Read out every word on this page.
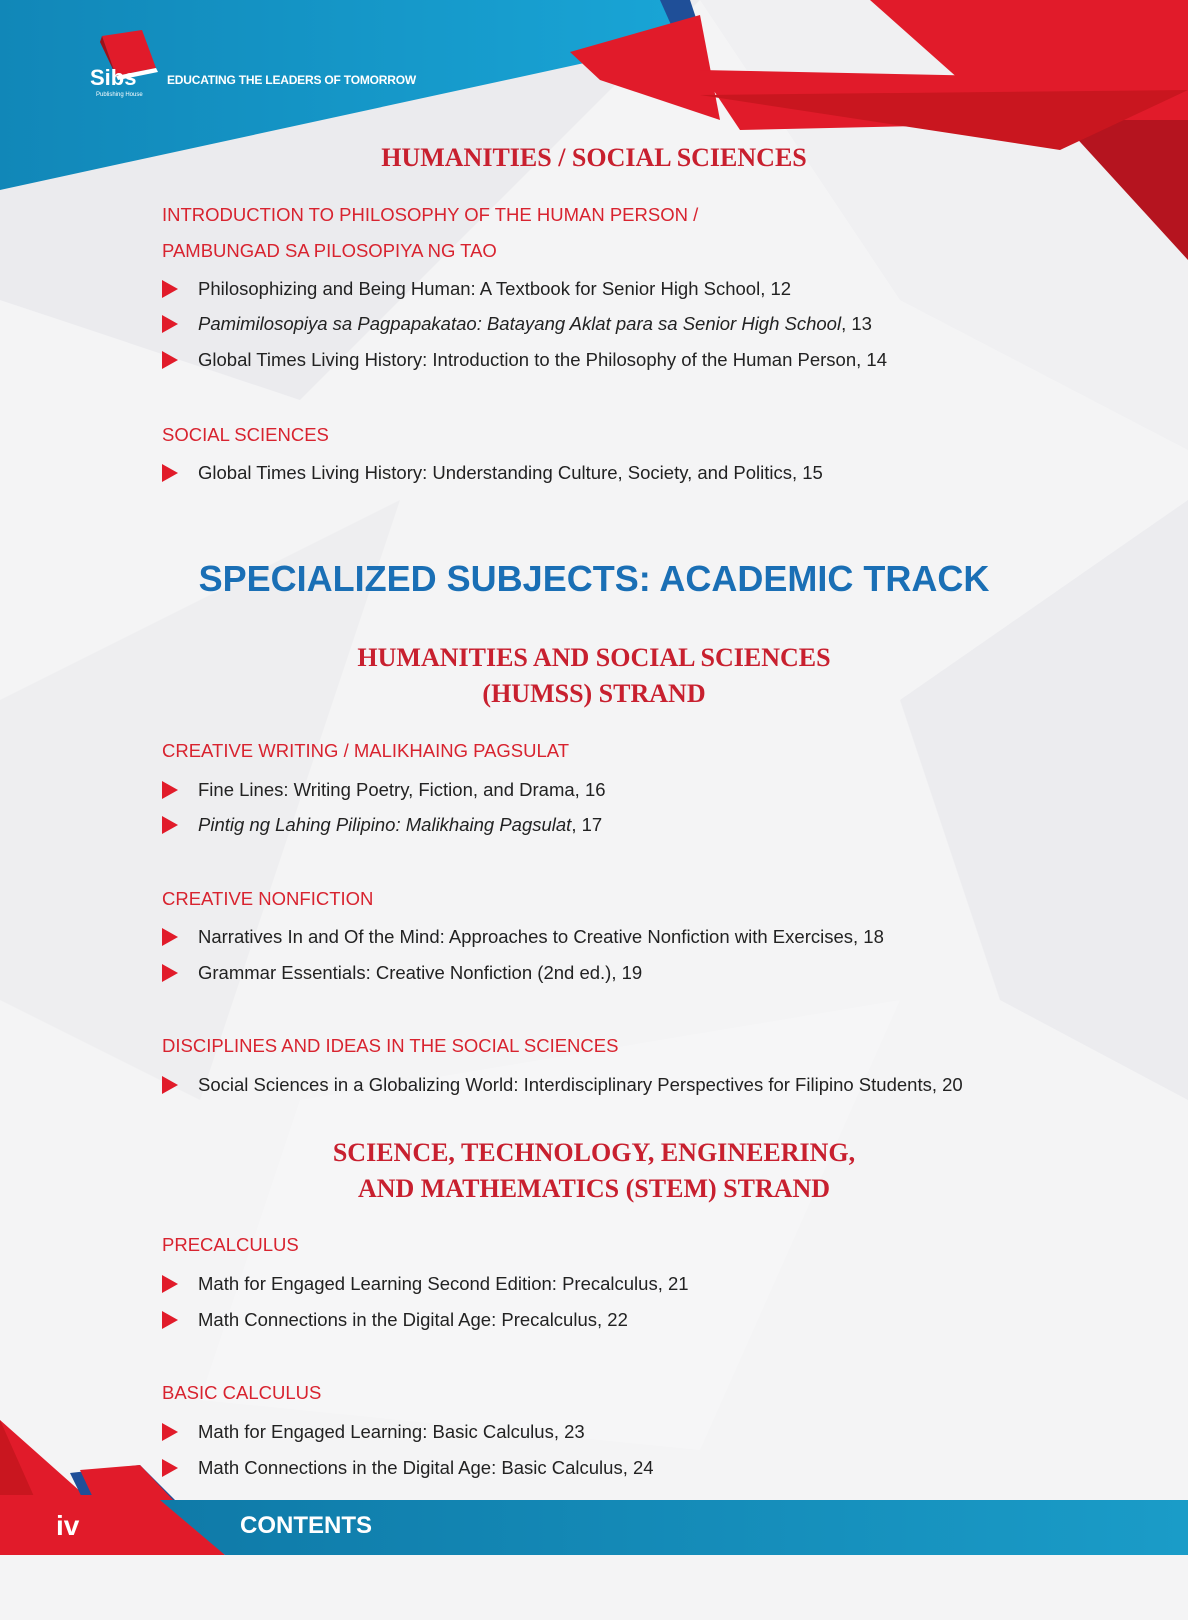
Sibs
Publishing House
EDUCATING THE LEADERS OF TOMORROW
HUMANITIES / SOCIAL SCIENCES
INTRODUCTION TO PHILOSOPHY OF THE HUMAN PERSON /
PAMBUNGAD SA PILOSOPIYA NG TAO
Philosophizing and Being Human: A Textbook for Senior High School , 12
Pamimilosopiya sa Pagpapakatao: Batayang Aklat para sa Senior High School , 13
Global Times Living History: Introduction to the Philosophy of the Human Person , 14
SOCIAL SCIENCES
Global Times Living History: Understanding Culture, Society, and Politics , 15
SPECIALIZED SUBJECTS: ACADEMIC TRACK
HUMANITIES AND SOCIAL SCIENCES
(HUMSS) STRAND
CREATIVE WRITING / MALIKHAING PAGSULAT
Fine Lines: Writing Poetry, Fiction, and Drama , 16
Pintig ng Lahing Pilipino: Malikhaing Pagsulat , 17
CREATIVE NONFICTION
Narratives In and Of the Mind: Approaches to Creative Nonfiction with Exercises , 18
Grammar Essentials: Creative Nonfiction (2nd ed.) , 19
DISCIPLINES AND IDEAS IN THE SOCIAL SCIENCES
Social Sciences in a Globalizing World: Interdisciplinary Perspectives for Filipino Students , 20
SCIENCE, TECHNOLOGY, ENGINEERING,
AND MATHEMATICS (STEM) STRAND
PRECALCULUS
Math for Engaged Learning Second Edition: Precalculus , 21
Math Connections in the Digital Age: Precalculus , 22
BASIC CALCULUS
Math for Engaged Learning: Basic Calculus , 23
Math Connections in the Digital Age: Basic Calculus , 24
iv	CONTENTS
